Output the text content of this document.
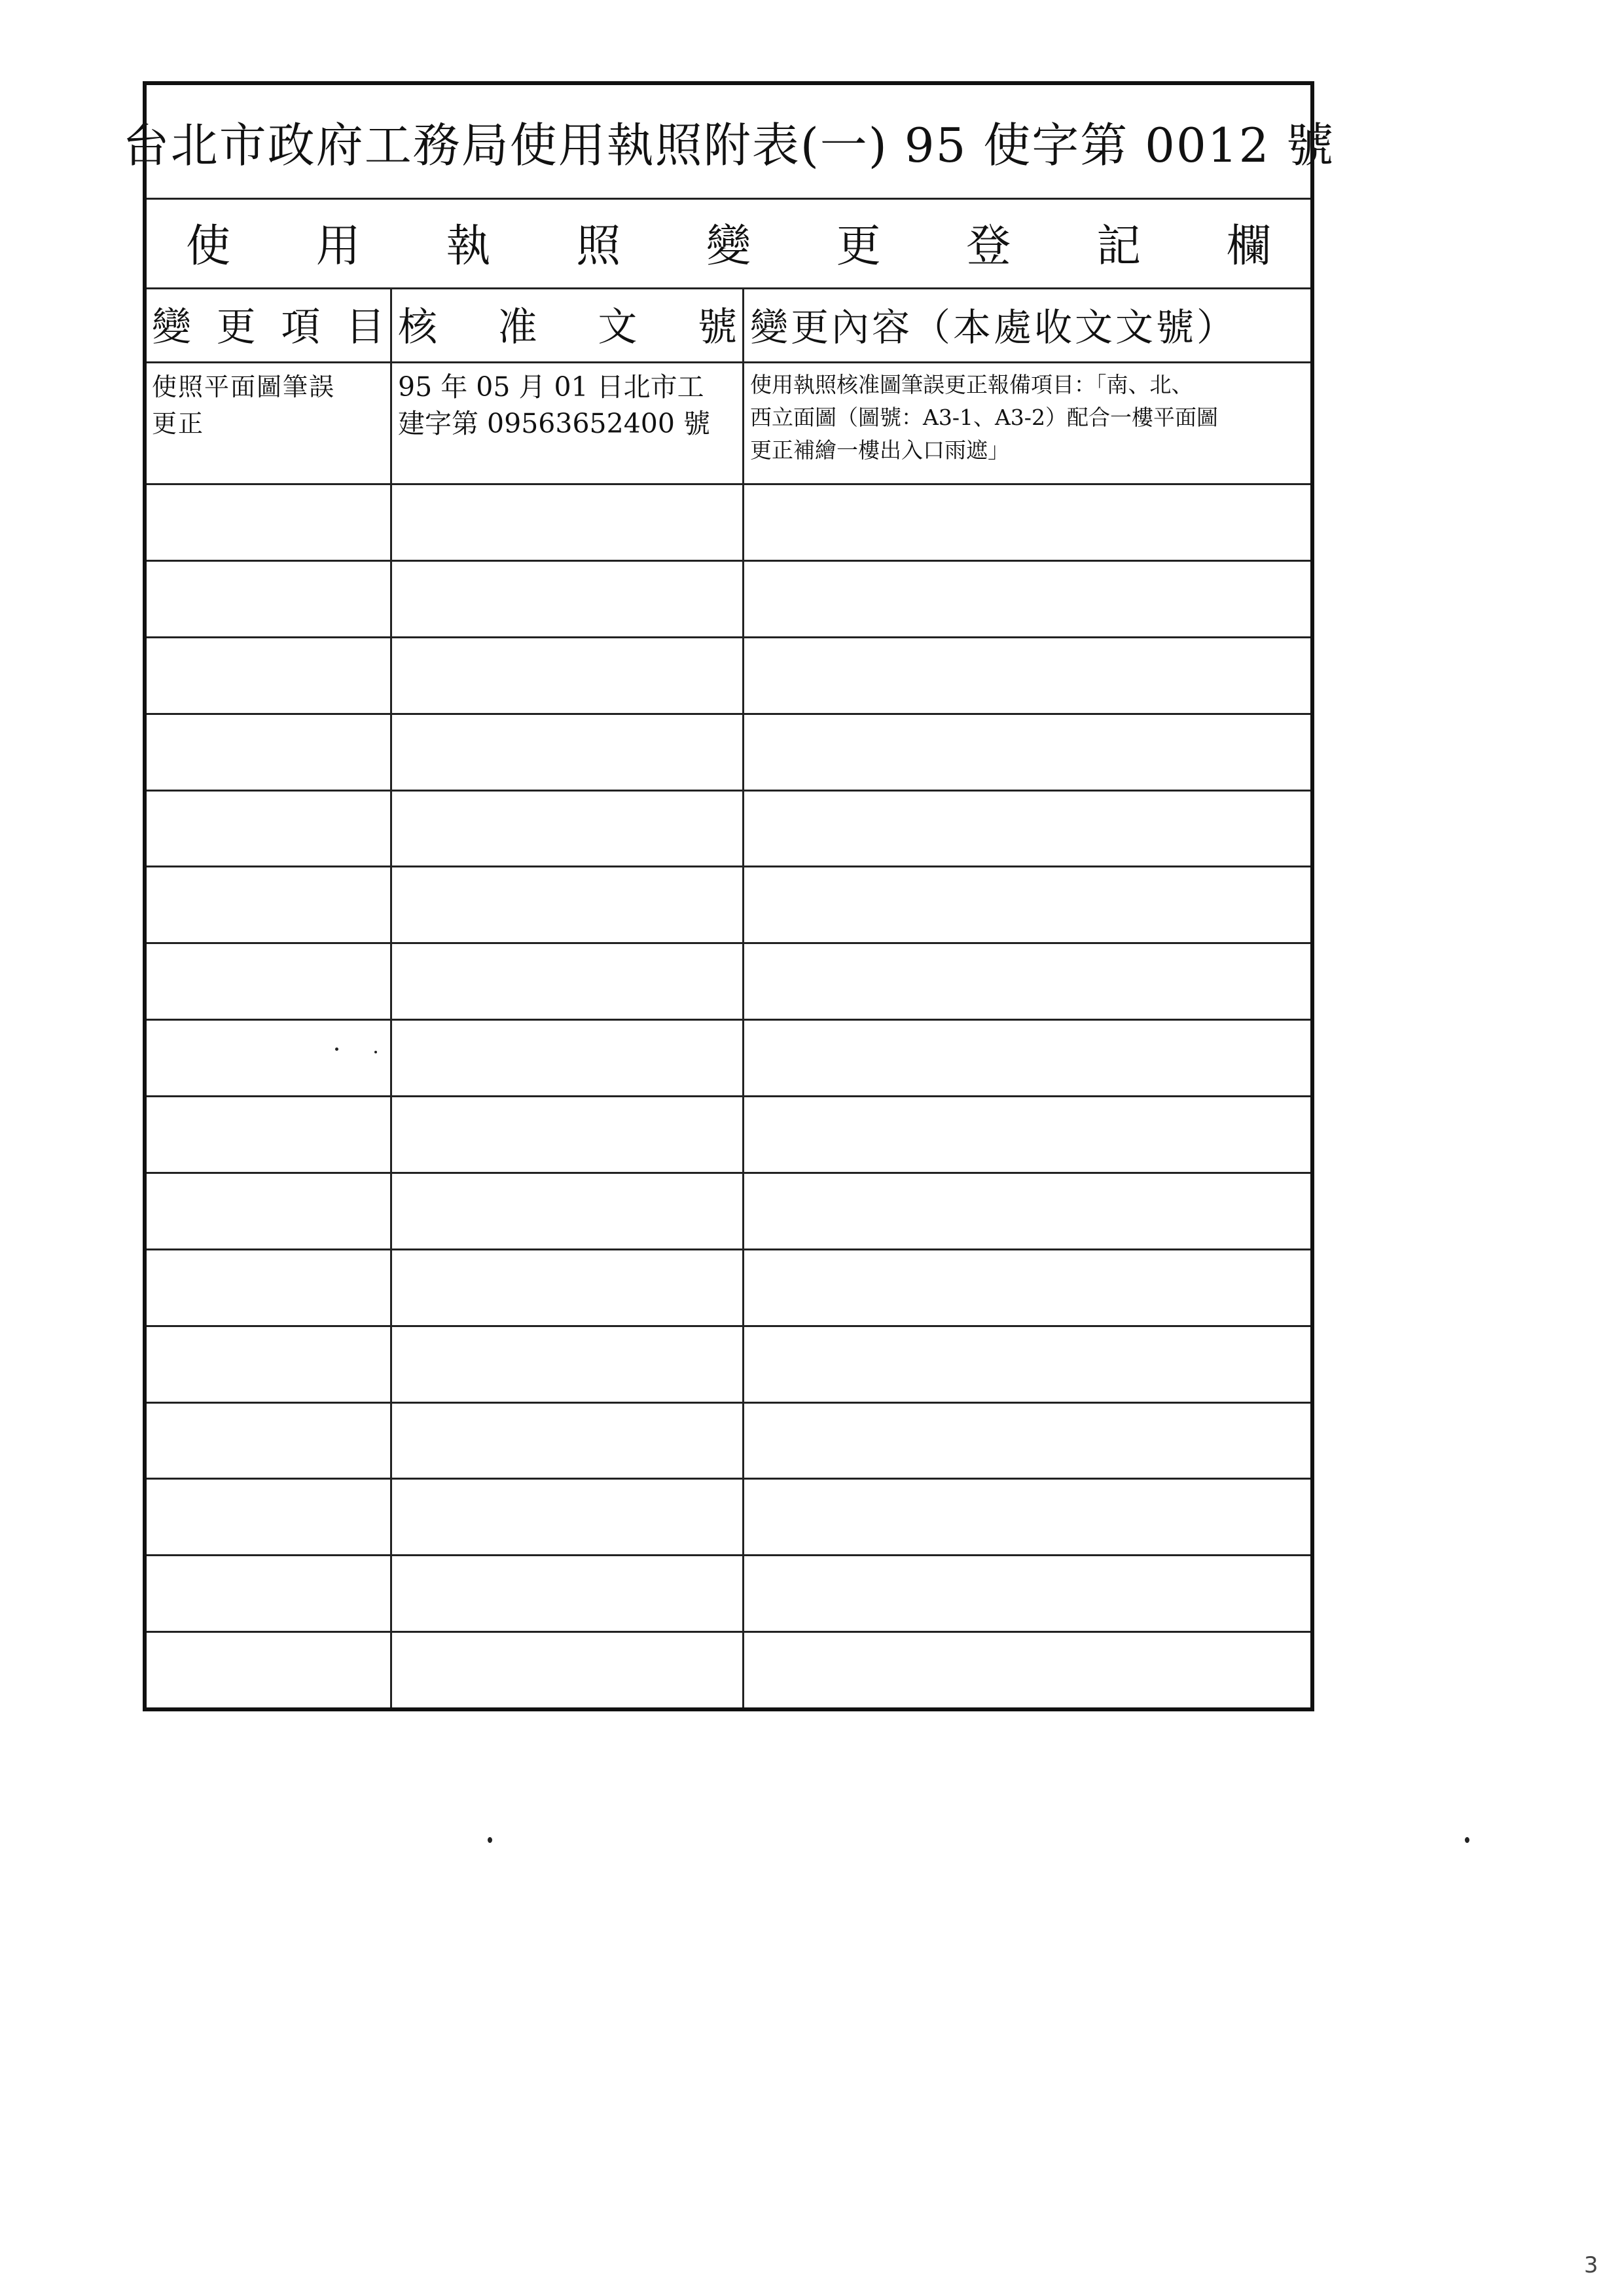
台北市政府工務局使用執照附表(一) 95 使字第 0012 號
使 用 執 照 變 更 登 記 欄
變 更 項 目 核 准 文 號 變更內容（本處收文文號）
使照平面圖筆誤
更正
95 年 05 月 01 日北市工
建字第 09563652400 號
使用執照核准圖筆誤更正報備項目：「南、北、
西立面圖（圖號：A3-1、A3-2）配合一樓平面圖
更正補繪一樓出入口雨遮」
3
